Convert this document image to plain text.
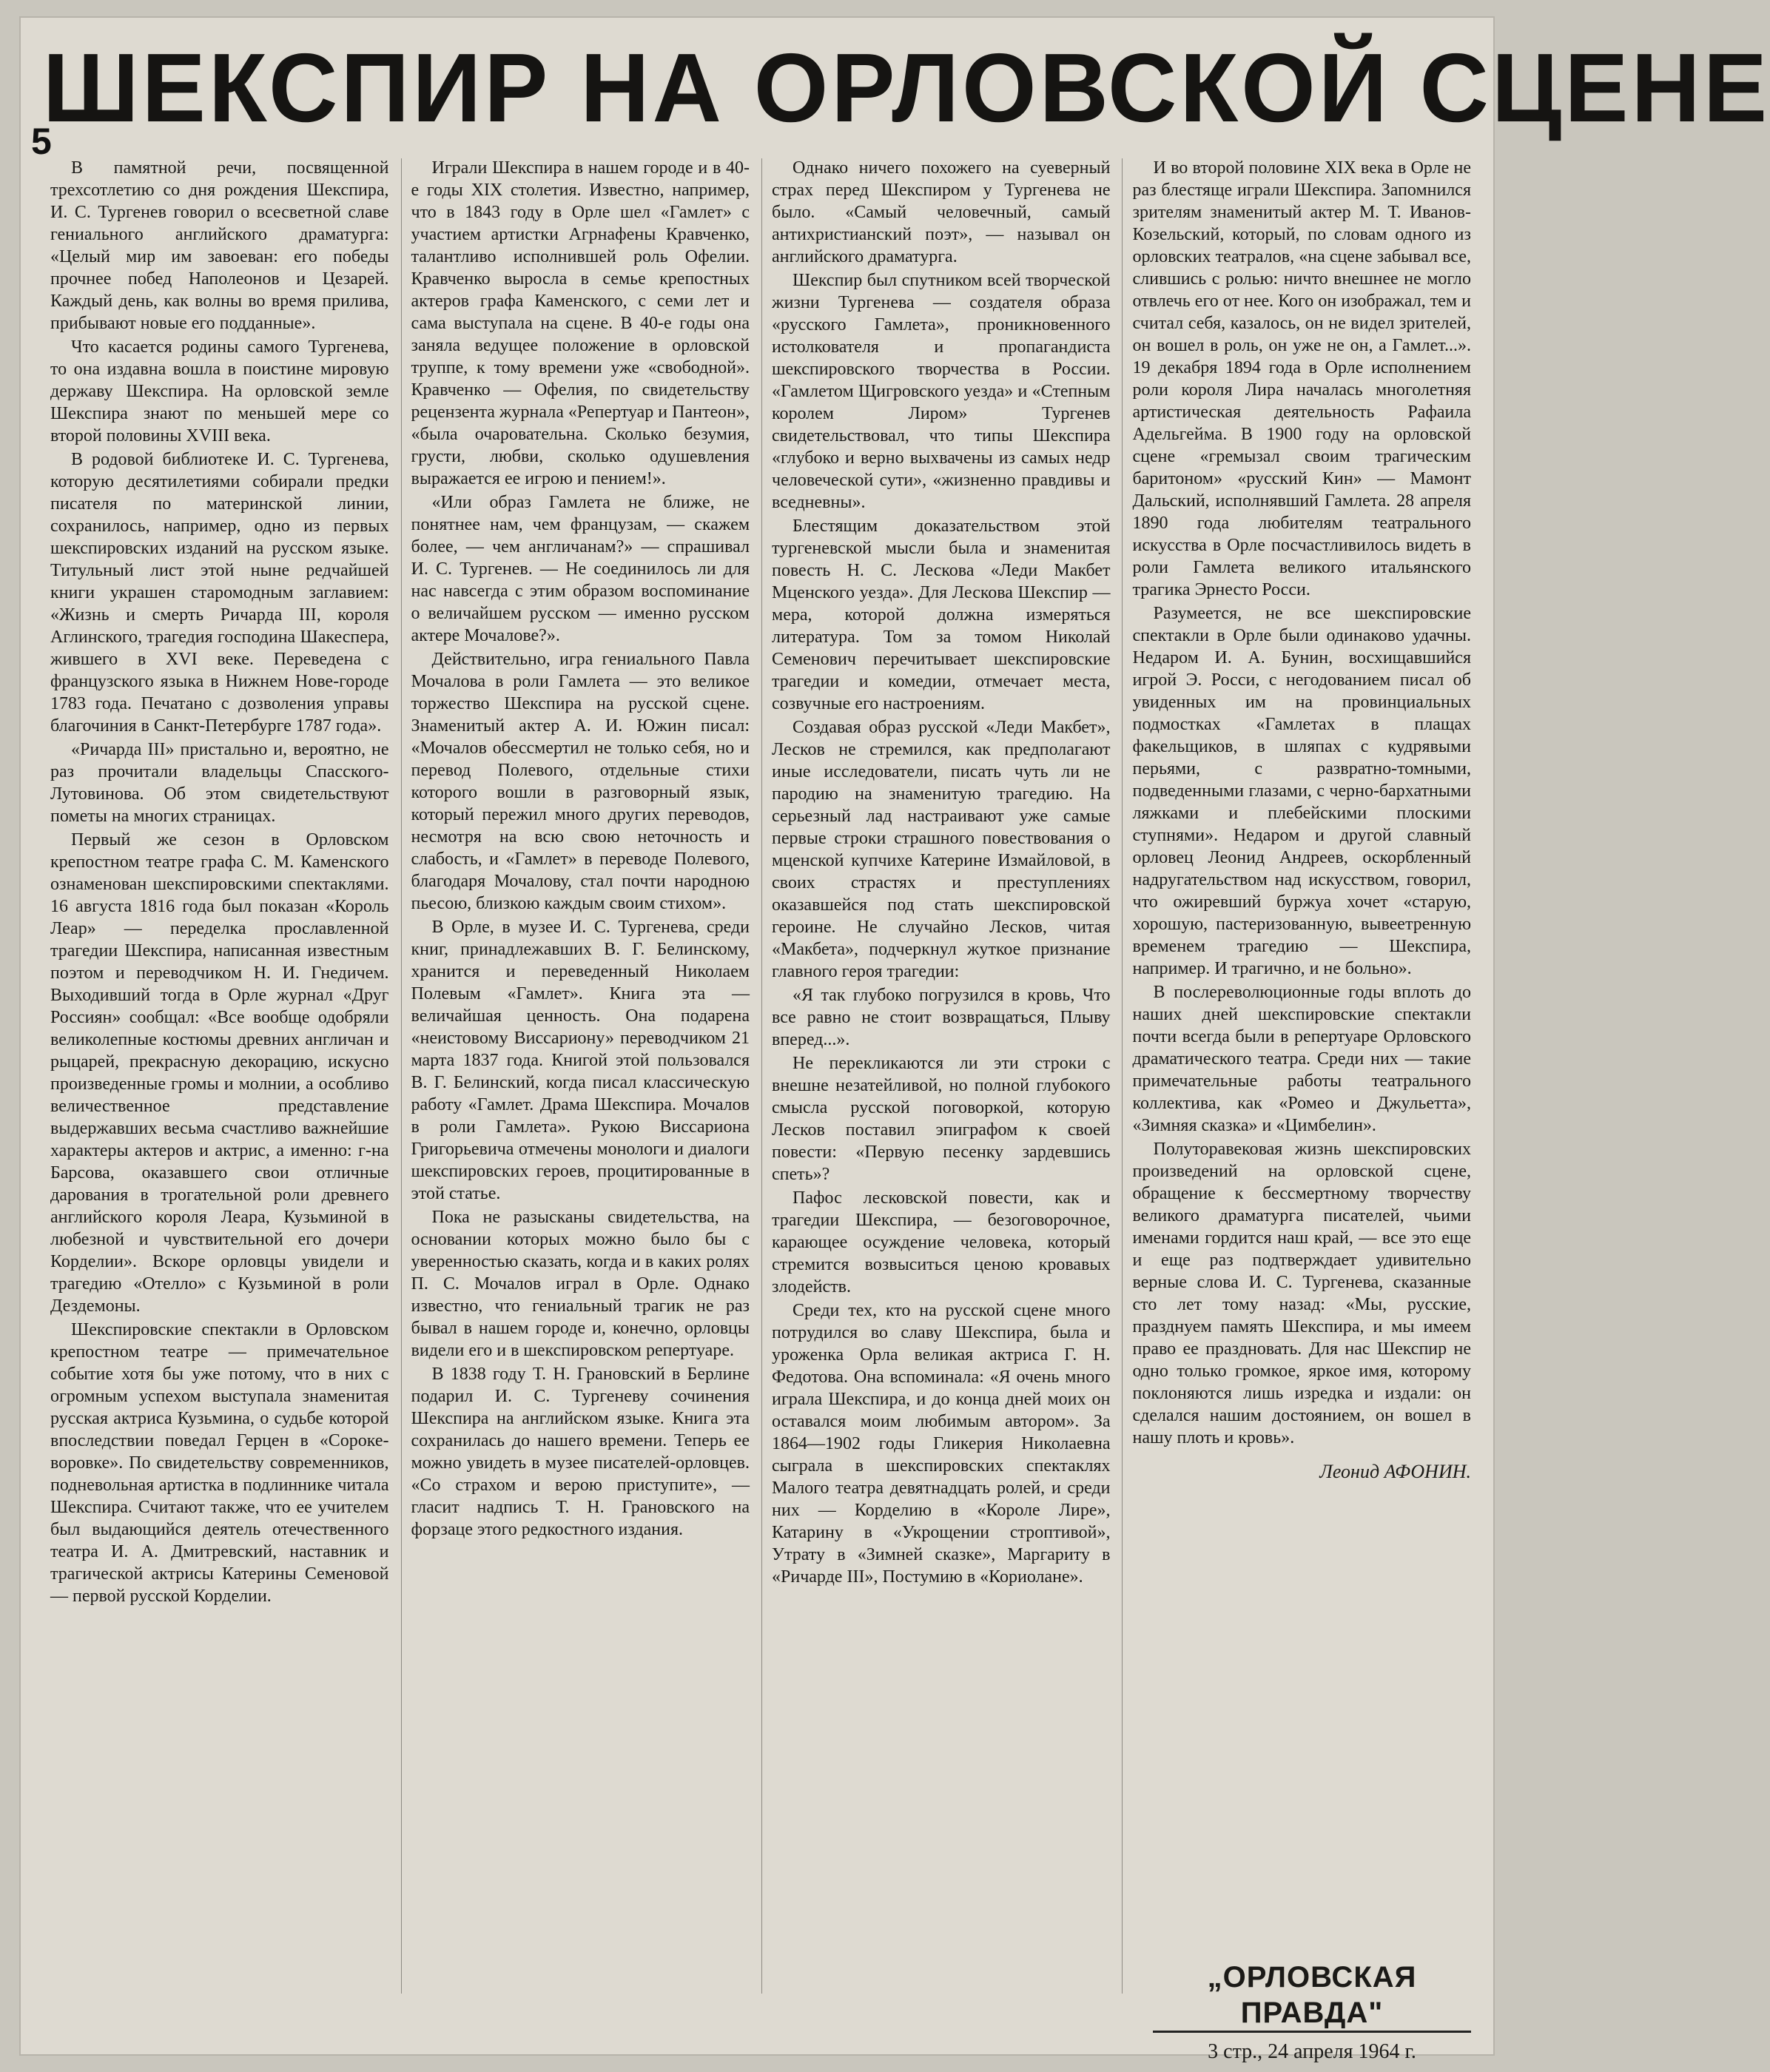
ШЕКСПИР НА ОРЛОВСКОЙ СЦЕНЕ
5

В памятной речи, посвященной трехсотлетию со дня рождения Шекспира, И. С. Тургенев говорил о всесветной славе гениального английского драматурга: «Целый мир им завоеван: его победы прочнее побед Наполеонов и Цезарей. Каждый день, как волны во время прилива, прибывают новые его подданные».

Что касается родины самого Тургенева, то она издавна вошла в поистине мировую державу Шекспира. На орловской земле Шекспира знают по меньшей мере со второй половины XVIII века.

В родовой библиотеке И. С. Тургенева, которую десятилетиями собирали предки писателя по материнской линии, сохранилось, например, одно из первых шекспировских изданий на русском языке. Титульный лист этой ныне редчайшей книги украшен старомодным заглавием: «Жизнь и смерть Ричарда III, короля Аглинского, трагедия господина Шакеспера, жившего в XVI веке. Переведена с французского языка в Нижнем Нове-городе 1783 года. Печатано с дозволения управы благочиния в Санкт-Петербурге 1787 года».

«Ричарда III» пристально и, вероятно, не раз прочитали владельцы Спасского-Лутовинова. Об этом свидетельствуют пометы на многих страницах.

Первый же сезон в Орловском крепостном театре графа С. М. Каменского ознаменован шекспировскими спектаклями. 16 августа 1816 года был показан «Король Леар» — переделка прославленной трагедии Шекспира, написанная известным поэтом и переводчиком Н. И. Гнедичем. Выходивший тогда в Орле журнал «Друг Россиян» сообщал: «Все вообще одобряли великолепные костюмы древних англичан и рыцарей, прекрасную декорацию, искусно произведенные громы и молнии, а особливо величественное представление выдержавших весьма счастливо важнейшие характеры актеров и актрис, а именно: г-на Барсова, оказавшего свои отличные дарования в трогательной роли древнего английского короля Леара, Кузьминой в любезной и чувствительной его дочери Корделии». Вскоре орловцы увидели и трагедию «Отелло» с Кузьминой в роли Дездемоны.

Шекспировские спектакли в Орловском крепостном театре — примечательное событие хотя бы уже потому, что в них с огромным успехом выступала знаменитая русская актриса Кузьмина, о судьбе которой впоследствии поведал Герцен в «Сороке-воровке». По свидетельству современников, подневольная артистка в подлиннике читала Шекспира. Считают также, что ее учителем был выдающийся деятель отечественного театра И. А. Дмитревский, наставник и трагической актрисы Катерины Семеновой — первой русской Корделии.

Играли Шекспира в нашем городе и в 40-е годы XIX столетия. Известно, например, что в 1843 году в Орле шел «Гамлет» с участием артистки Агрнафены Кравченко, талантливо исполнившей роль Офелии. Кравченко выросла в семье крепостных актеров графа Каменского, с семи лет и сама выступала на сцене. В 40-е годы она заняла ведущее положение в орловской труппе, к тому времени уже «свободной». Кравченко — Офелия, по свидетельству рецензента журнала «Репертуар и Пантеон», «была очаровательна. Сколько безумия, грусти, любви, сколько одушевления выражается ее игрою и пением!».

«Или образ Гамлета не ближе, не понятнее нам, чем французам, — скажем более, — чем англичанам?» — спрашивал И. С. Тургенев. — Не соединилось ли для нас навсегда с этим образом воспоминание о величайшем русском — именно русском актере Мочалове?».

Действительно, игра гениального Павла Мочалова в роли Гамлета — это великое торжество Шекспира на русской сцене. Знаменитый актер А. И. Южин писал: «Мочалов обессмертил не только себя, но и перевод Полевого, отдельные стихи которого вошли в разговорный язык, который пережил много других переводов, несмотря на всю свою неточность и слабость, и «Гамлет» в переводе Полевого, благодаря Мочалову, стал почти народною пьесою, близкою каждым своим стихом».

В Орле, в музее И. С. Тургенева, среди книг, принадлежавших В. Г. Белинскому, хранится и переведенный Николаем Полевым «Гамлет». Книга эта — величайшая ценность. Она подарена «неистовому Виссариону» переводчиком 21 марта 1837 года. Книгой этой пользовался В. Г. Белинский, когда писал классическую работу «Гамлет. Драма Шекспира. Мочалов в роли Гамлета». Рукою Виссариона Григорьевича отмечены монологи и диалоги шекспировских героев, процитированные в этой статье.

Пока не разысканы свидетельства, на основании которых можно было бы с уверенностью сказать, когда и в каких ролях П. С. Мочалов играл в Орле. Однако известно, что гениальный трагик не раз бывал в нашем городе и, конечно, орловцы видели его и в шекспировском репертуаре.

В 1838 году Т. Н. Грановский в Берлине подарил И. С. Тургеневу сочинения Шекспира на английском языке. Книга эта сохранилась до нашего времени. Теперь ее можно увидеть в музее писателей-орловцев. «Со страхом и верою приступите», — гласит надпись Т. Н. Грановского на форзаце этого редкостного издания.

Однако ничего похожего на суеверный страх перед Шекспиром у Тургенева не было. «Самый человечный, самый антихристианский поэт», — называл он английского драматурга.

Шекспир был спутником всей творческой жизни Тургенева — создателя образа «русского Гамлета», проникновенного истолкователя и пропагандиста шекспировского творчества в России. «Гамлетом Щигровского уезда» и «Степным королем Лиром» Тургенев свидетельствовал, что типы Шекспира «глубоко и верно выхвачены из самых недр человеческой сути», «жизненно правдивы и вседневны».

Блестящим доказательством этой тургеневской мысли была и знаменитая повесть Н. С. Лескова «Леди Макбет Мценского уезда». Для Лескова Шекспир — мера, которой должна измеряться литература. Том за томом Николай Семенович перечитывает шекспировские трагедии и комедии, отмечает места, созвучные его настроениям.

Создавая образ русской «Леди Макбет», Лесков не стремился, как предполагают иные исследователи, писать чуть ли не пародию на знаменитую трагедию. На серьезный лад настраивают уже самые первые строки страшного повествования о мценской купчихе Катерине Измайловой, в своих страстях и преступлениях оказавшейся под стать шекспировской героине. Не случайно Лесков, читая «Макбета», подчеркнул жуткое признание главного героя трагедии:

«Я так глубоко погрузился в кровь, Что все равно не стоит возвращаться, Плыву вперед...».

Не перекликаются ли эти строки с внешне незатейливой, но полной глубокого смысла русской поговоркой, которую Лесков поставил эпиграфом к своей повести: «Первую песенку зардевшись спеть»?

Пафос лесковской повести, как и трагедии Шекспира, — безоговорочное, карающее осуждение человека, который стремится возвыситься ценою кровавых злодейств.

Среди тех, кто на русской сцене много потрудился во славу Шекспира, была и уроженка Орла великая актриса Г. Н. Федотова. Она вспоминала: «Я очень много играла Шекспира, и до конца дней моих он оставался моим любимым автором». За 1864—1902 годы Гликерия Николаевна сыграла в шекспировских спектаклях Малого театра девятнадцать ролей, и среди них — Корделию в «Короле Лире», Катарину в «Укрощении строптивой», Утрату в «Зимней сказке», Маргариту в «Ричарде III», Постумию в «Кориолане».

И во второй половине XIX века в Орле не раз блестяще играли Шекспира. Запомнился зрителям знаменитый актер М. Т. Иванов-Козельский, который, по словам одного из орловских театралов, «на сцене забывал все, слившись с ролью: ничто внешнее не могло отвлечь его от нее. Кого он изображал, тем и считал себя, казалось, он не видел зрителей, он вошел в роль, он уже не он, а Гамлет...». 19 декабря 1894 года в Орле исполнением роли короля Лира началась многолетняя артистическая деятельность Рафаила Адельгейма. В 1900 году на орловской сцене «гремызал своим трагическим баритоном» «русский Кин» — Мамонт Дальский, исполнявший Гамлета. 28 апреля 1890 года любителям театрального искусства в Орле посчастливилось видеть в роли Гамлета великого итальянского трагика Эрнесто Росси.

Разумеется, не все шекспировские спектакли в Орле были одинаково удачны. Недаром И. А. Бунин, восхищавшийся игрой Э. Росси, с негодованием писал об увиденных им на провинциальных подмостках «Гамлетах в плащах факельщиков, в шляпах с кудрявыми перьями, с развратно-томными, подведенными глазами, с черно-бархатными ляжками и плебейскими плоскими ступнями». Недаром и другой славный орловец Леонид Андреев, оскорбленный надругательством над искусством, говорил, что ожиревший буржуа хочет «старую, хорошую, пастеризованную, вывеетренную временем трагедию — Шекспира, например. И трагично, и не больно».

В послереволюционные годы вплоть до наших дней шекспировские спектакли почти всегда были в репертуаре Орловского драматического театра. Среди них — такие примечательные работы театрального коллектива, как «Ромео и Джульетта», «Зимняя сказка» и «Цимбелин».

Полуторавековая жизнь шекспировских произведений на орловской сцене, обращение к бессмертному творчеству великого драматурга писателей, чьими именами гордится наш край, — все это еще и еще раз подтверждает удивительно верные слова И. С. Тургенева, сказанные сто лет тому назад: «Мы, русские, празднуем память Шекспира, и мы имеем право ее праздновать. Для нас Шекспир не одно только громкое, яркое имя, которому поклоняются лишь изредка и издали: он сделался нашим достоянием, он вошел в нашу плоть и кровь».

Леонид АФОНИН.
„ОРЛОВСКАЯ ПРАВДА"
3 стр., 24 апреля 1964 г.
